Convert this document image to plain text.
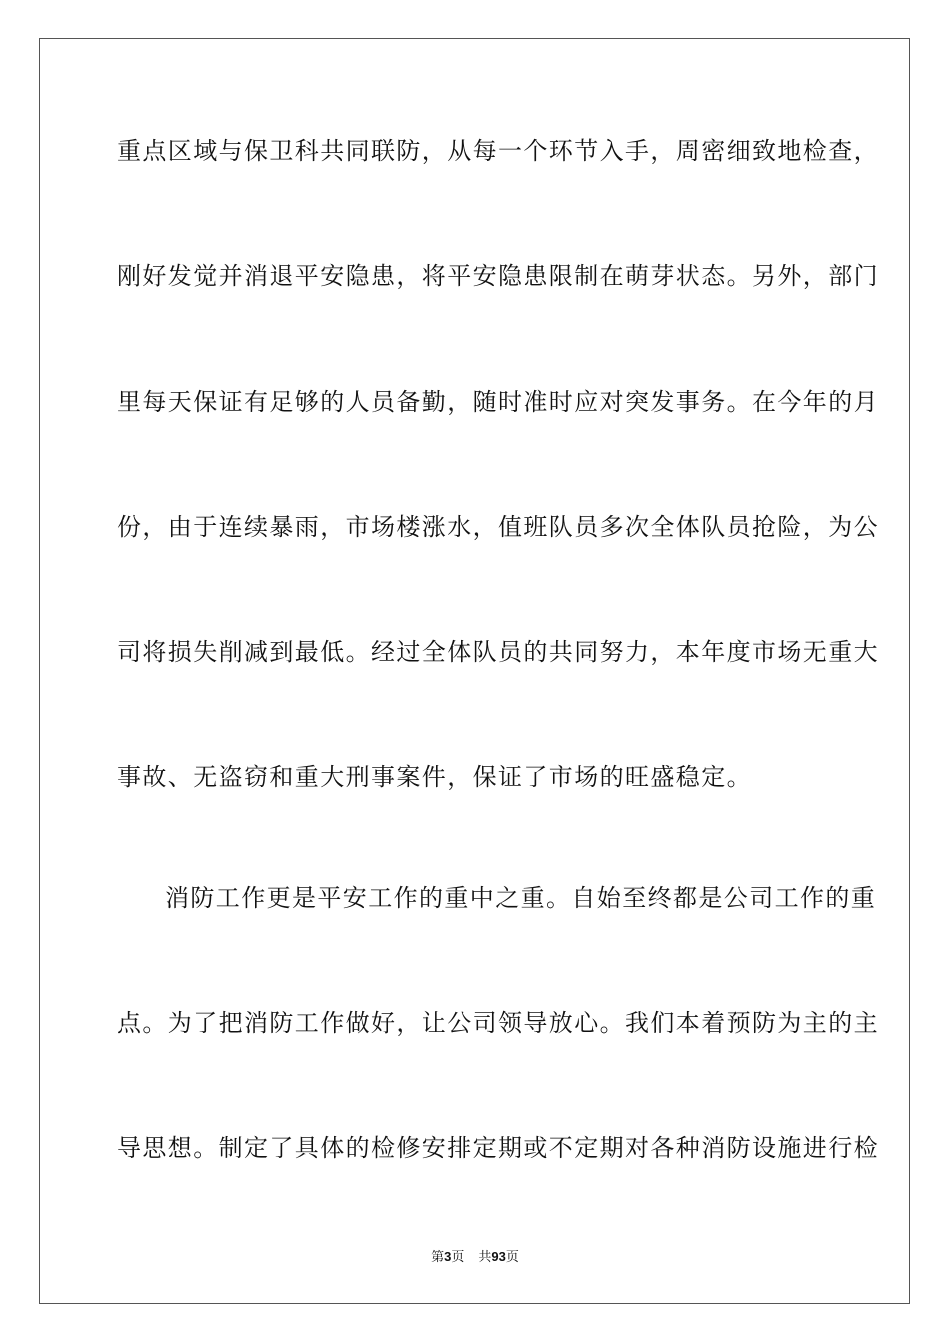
重点区域与保卫科共同联防，从每一个环节入手，周密细致地检查，
刚好发觉并消退平安隐患，将平安隐患限制在萌芽状态。另外，部门
里每天保证有足够的人员备勤，随时准时应对突发事务。在今年的月
份，由于连续暴雨，市场楼涨水，值班队员多次全体队员抢险，为公
司将损失削减到最低。经过全体队员的共同努力，本年度市场无重大
事故、无盗窃和重大刑事案件，保证了市场的旺盛稳定。
消防工作更是平安工作的重中之重。自始至终都是公司工作的重
点。为了把消防工作做好，让公司领导放心。我们本着预防为主的主
导思想。制定了具体的检修安排定期或不定期对各种消防设施进行检
第3页 共93页
